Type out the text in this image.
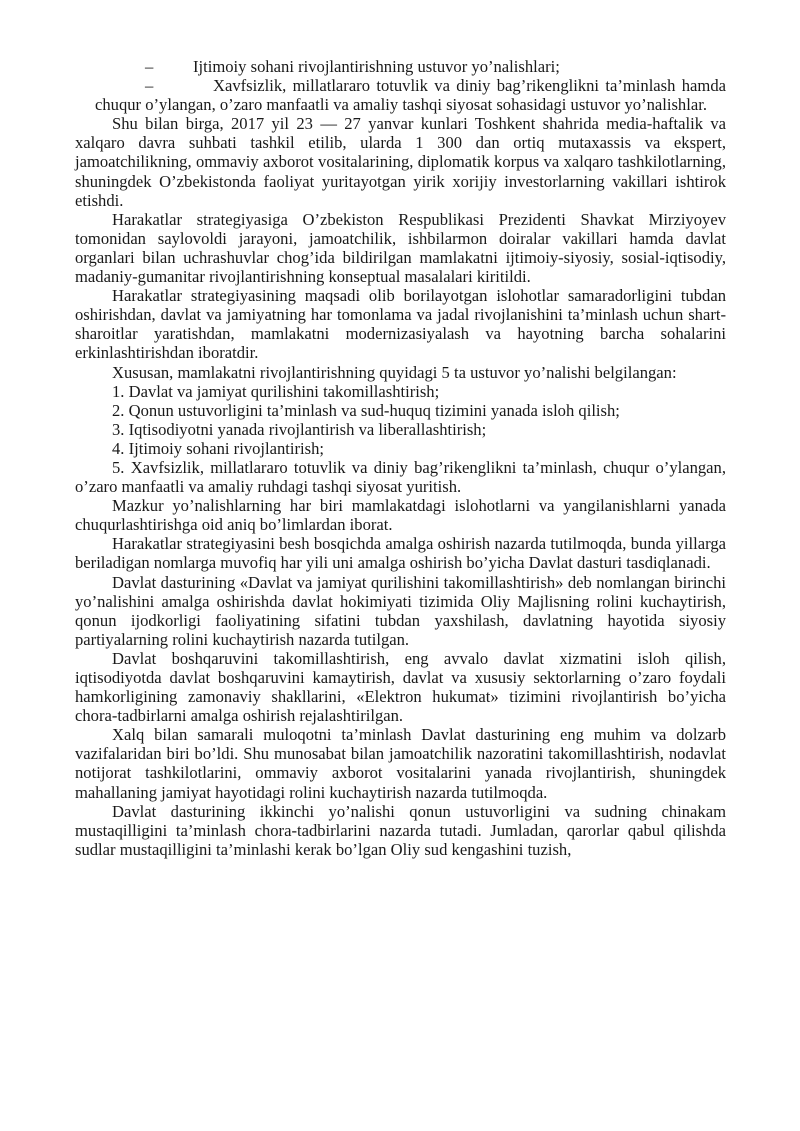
–	Ijtimoiy sohani rivojlantirishning ustuvor yo’nalishlari;
–	Xavfsizlik, millatlararo totuvlik va diniy bag’rikenglikni ta’minlash hamda chuqur o’ylangan, o’zaro manfaatli va amaliy tashqi siyosat sohasidagi ustuvor yo’nalishlar.

Shu bilan birga, 2017 yil 23 — 27 yanvar kunlari Toshkent shahrida media-haftalik va xalqaro davra suhbati tashkil etilib, ularda 1 300 dan ortiq mutaxassis va ekspert, jamoatchilikning, ommaviy axborot vositalarining, diplomatik korpus va xalqaro tashkilotlarning, shuningdek O’zbekistonda faoliyat yuritayotgan yirik xorijiy investorlarning vakillari ishtirok etishdi.

Harakatlar strategiyasiga O’zbekiston Respublikasi Prezidenti Shavkat Mirziyoyev tomonidan saylovoldi jarayoni, jamoatchilik, ishbilarmon doiralar vakillari hamda davlat organlari bilan uchrashuvlar chog’ida bildirilgan mamlakatni ijtimoiy-siyosiy, sosial-iqtisodiy, madaniy-gumanitar rivojlantirishning konseptual masalalari kiritildi.

Harakatlar strategiyasining maqsadi olib borilayotgan islohotlar samaradorligini tubdan oshirishdan, davlat va jamiyatning har tomonlama va jadal rivojlanishini ta’minlash uchun shart-sharoitlar yaratishdan, mamlakatni modernizasiyalash va hayotning barcha sohalarini erkinlashtirishdan iboratdir.

Xususan, mamlakatni rivojlantirishning quyidagi 5 ta ustuvor yo’nalishi belgilangan:

1. Davlat va jamiyat qurilishini takomillashtirish;

2. Qonun ustuvorligini ta’minlash va sud-huquq tizimini yanada isloh qilish;

3. Iqtisodiyotni yanada rivojlantirish va liberallashtirish;

4. Ijtimoiy sohani rivojlantirish;

5. Xavfsizlik, millatlararo totuvlik va diniy bag’rikenglikni ta’minlash, chuqur o’ylangan, o’zaro manfaatli va amaliy ruhdagi tashqi siyosat yuritish.

Mazkur yo’nalishlarning har biri mamlakatdagi islohotlarni va yangilanishlarni yanada chuqurlashtirishga oid aniq bo’limlardan iborat.

Harakatlar strategiyasini besh bosqichda amalga oshirish nazarda tutilmoqda, bunda yillarga beriladigan nomlarga muvofiq har yili uni amalga oshirish bo’yicha Davlat dasturi tasdiqlanadi.

Davlat dasturining «Davlat va jamiyat qurilishini takomillashtirish» deb nomlangan birinchi yo’nalishini amalga oshirishda davlat hokimiyati tizimida Oliy Majlisning rolini kuchaytirish, qonun ijodkorligi faoliyatining sifatini tubdan yaxshilash, davlatning hayotida siyosiy partiyalarning rolini kuchaytirish nazarda tutilgan.

Davlat boshqaruvini takomillashtirish, eng avvalo davlat xizmatini isloh qilish, iqtisodiyotda davlat boshqaruvini kamaytirish, davlat va xususiy sektorlarning o’zaro foydali hamkorligining zamonaviy shakllarini, «Elektron hukumat» tizimini rivojlantirish bo’yicha chora-tadbirlarni amalga oshirish rejalashtirilgan.

Xalq bilan samarali muloqotni ta’minlash Davlat dasturining eng muhim va dolzarb vazifalaridan biri bo’ldi. Shu munosabat bilan jamoatchilik nazoratini takomillashtirish, nodavlat notijorat tashkilotlarini, ommaviy axborot vositalarini yanada rivojlantirish, shuningdek mahallaning jamiyat hayotidagi rolini kuchaytirish nazarda tutilmoqda.

Davlat dasturining ikkinchi yo’nalishi qonun ustuvorligini va sudning chinakam mustaqilligini ta’minlash chora-tadbirlarini nazarda tutadi. Jumladan, qarorlar qabul qilishda sudlar mustaqilligini ta’minlashi kerak bo’lgan Oliy sud kengashini tuzish,
